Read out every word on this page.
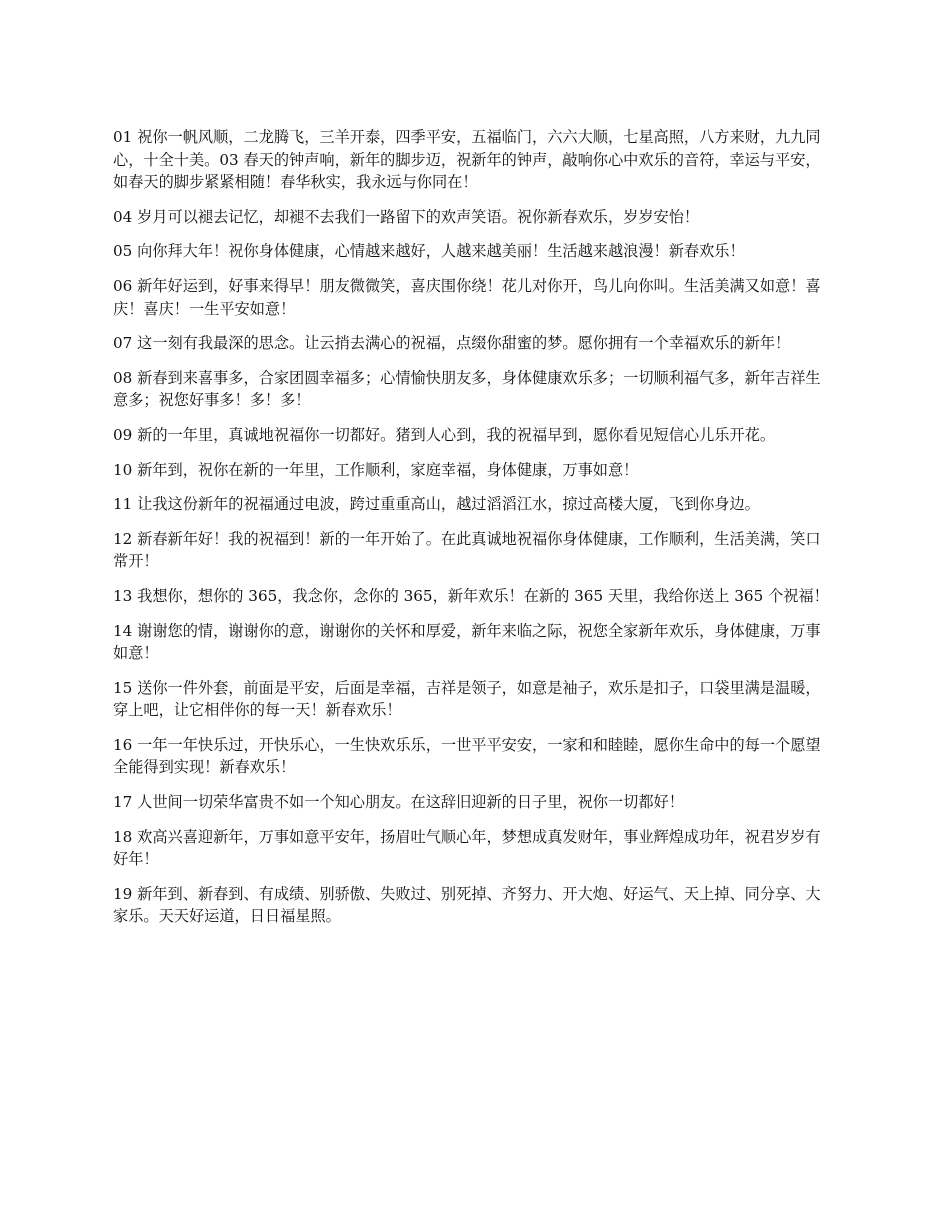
01 祝你一帆风顺，二龙腾飞，三羊开泰，四季平安，五福临门，六六大顺，七星高照，八方来财，九九同心，十全十美。03 春天的钟声响，新年的脚步迈，祝新年的钟声，敲响你心中欢乐的音符，幸运与平安，如春天的脚步紧紧相随！春华秋实，我永远与你同在！

04 岁月可以褪去记忆，却褪不去我们一路留下的欢声笑语。祝你新春欢乐，岁岁安怡！

05 向你拜大年！祝你身体健康，心情越来越好，人越来越美丽！生活越来越浪漫！新春欢乐！

06 新年好运到，好事来得早！朋友微微笑，喜庆围你绕！花儿对你开，鸟儿向你叫。生活美满又如意！喜庆！喜庆！一生平安如意！

07 这一刻有我最深的思念。让云捎去满心的祝福，点缀你甜蜜的梦。愿你拥有一个幸福欢乐的新年！

08 新春到来喜事多，合家团圆幸福多；心情愉快朋友多，身体健康欢乐多；一切顺利福气多，新年吉祥生意多；祝您好事多！多！多！

09 新的一年里，真诚地祝福你一切都好。猪到人心到，我的祝福早到，愿你看见短信心儿乐开花。

10 新年到，祝你在新的一年里，工作顺利，家庭幸福，身体健康，万事如意！

11 让我这份新年的祝福通过电波，跨过重重高山，越过滔滔江水，掠过高楼大厦，飞到你身边。

12 新春新年好！我的祝福到！新的一年开始了。在此真诚地祝福你身体健康，工作顺利，生活美满，笑口常开！

13 我想你，想你的 365，我念你，念你的 365，新年欢乐！在新的 365 天里，我给你送上 365 个祝福！

14 谢谢您的情，谢谢你的意，谢谢你的关怀和厚爱，新年来临之际，祝您全家新年欢乐，身体健康，万事如意！

15 送你一件外套，前面是平安，后面是幸福，吉祥是领子，如意是袖子，欢乐是扣子，口袋里满是温暖，穿上吧，让它相伴你的每一天！新春欢乐！

16 一年一年快乐过，开快乐心，一生快欢乐乐，一世平平安安，一家和和睦睦，愿你生命中的每一个愿望全能得到实现！新春欢乐！

17 人世间一切荣华富贵不如一个知心朋友。在这辞旧迎新的日子里，祝你一切都好！

18 欢高兴喜迎新年，万事如意平安年，扬眉吐气顺心年，梦想成真发财年，事业辉煌成功年，祝君岁岁有好年！

19 新年到、新春到、有成绩、别骄傲、失败过、别死掉、齐努力、开大炮、好运气、天上掉、同分享、大家乐。天天好运道，日日福星照。
